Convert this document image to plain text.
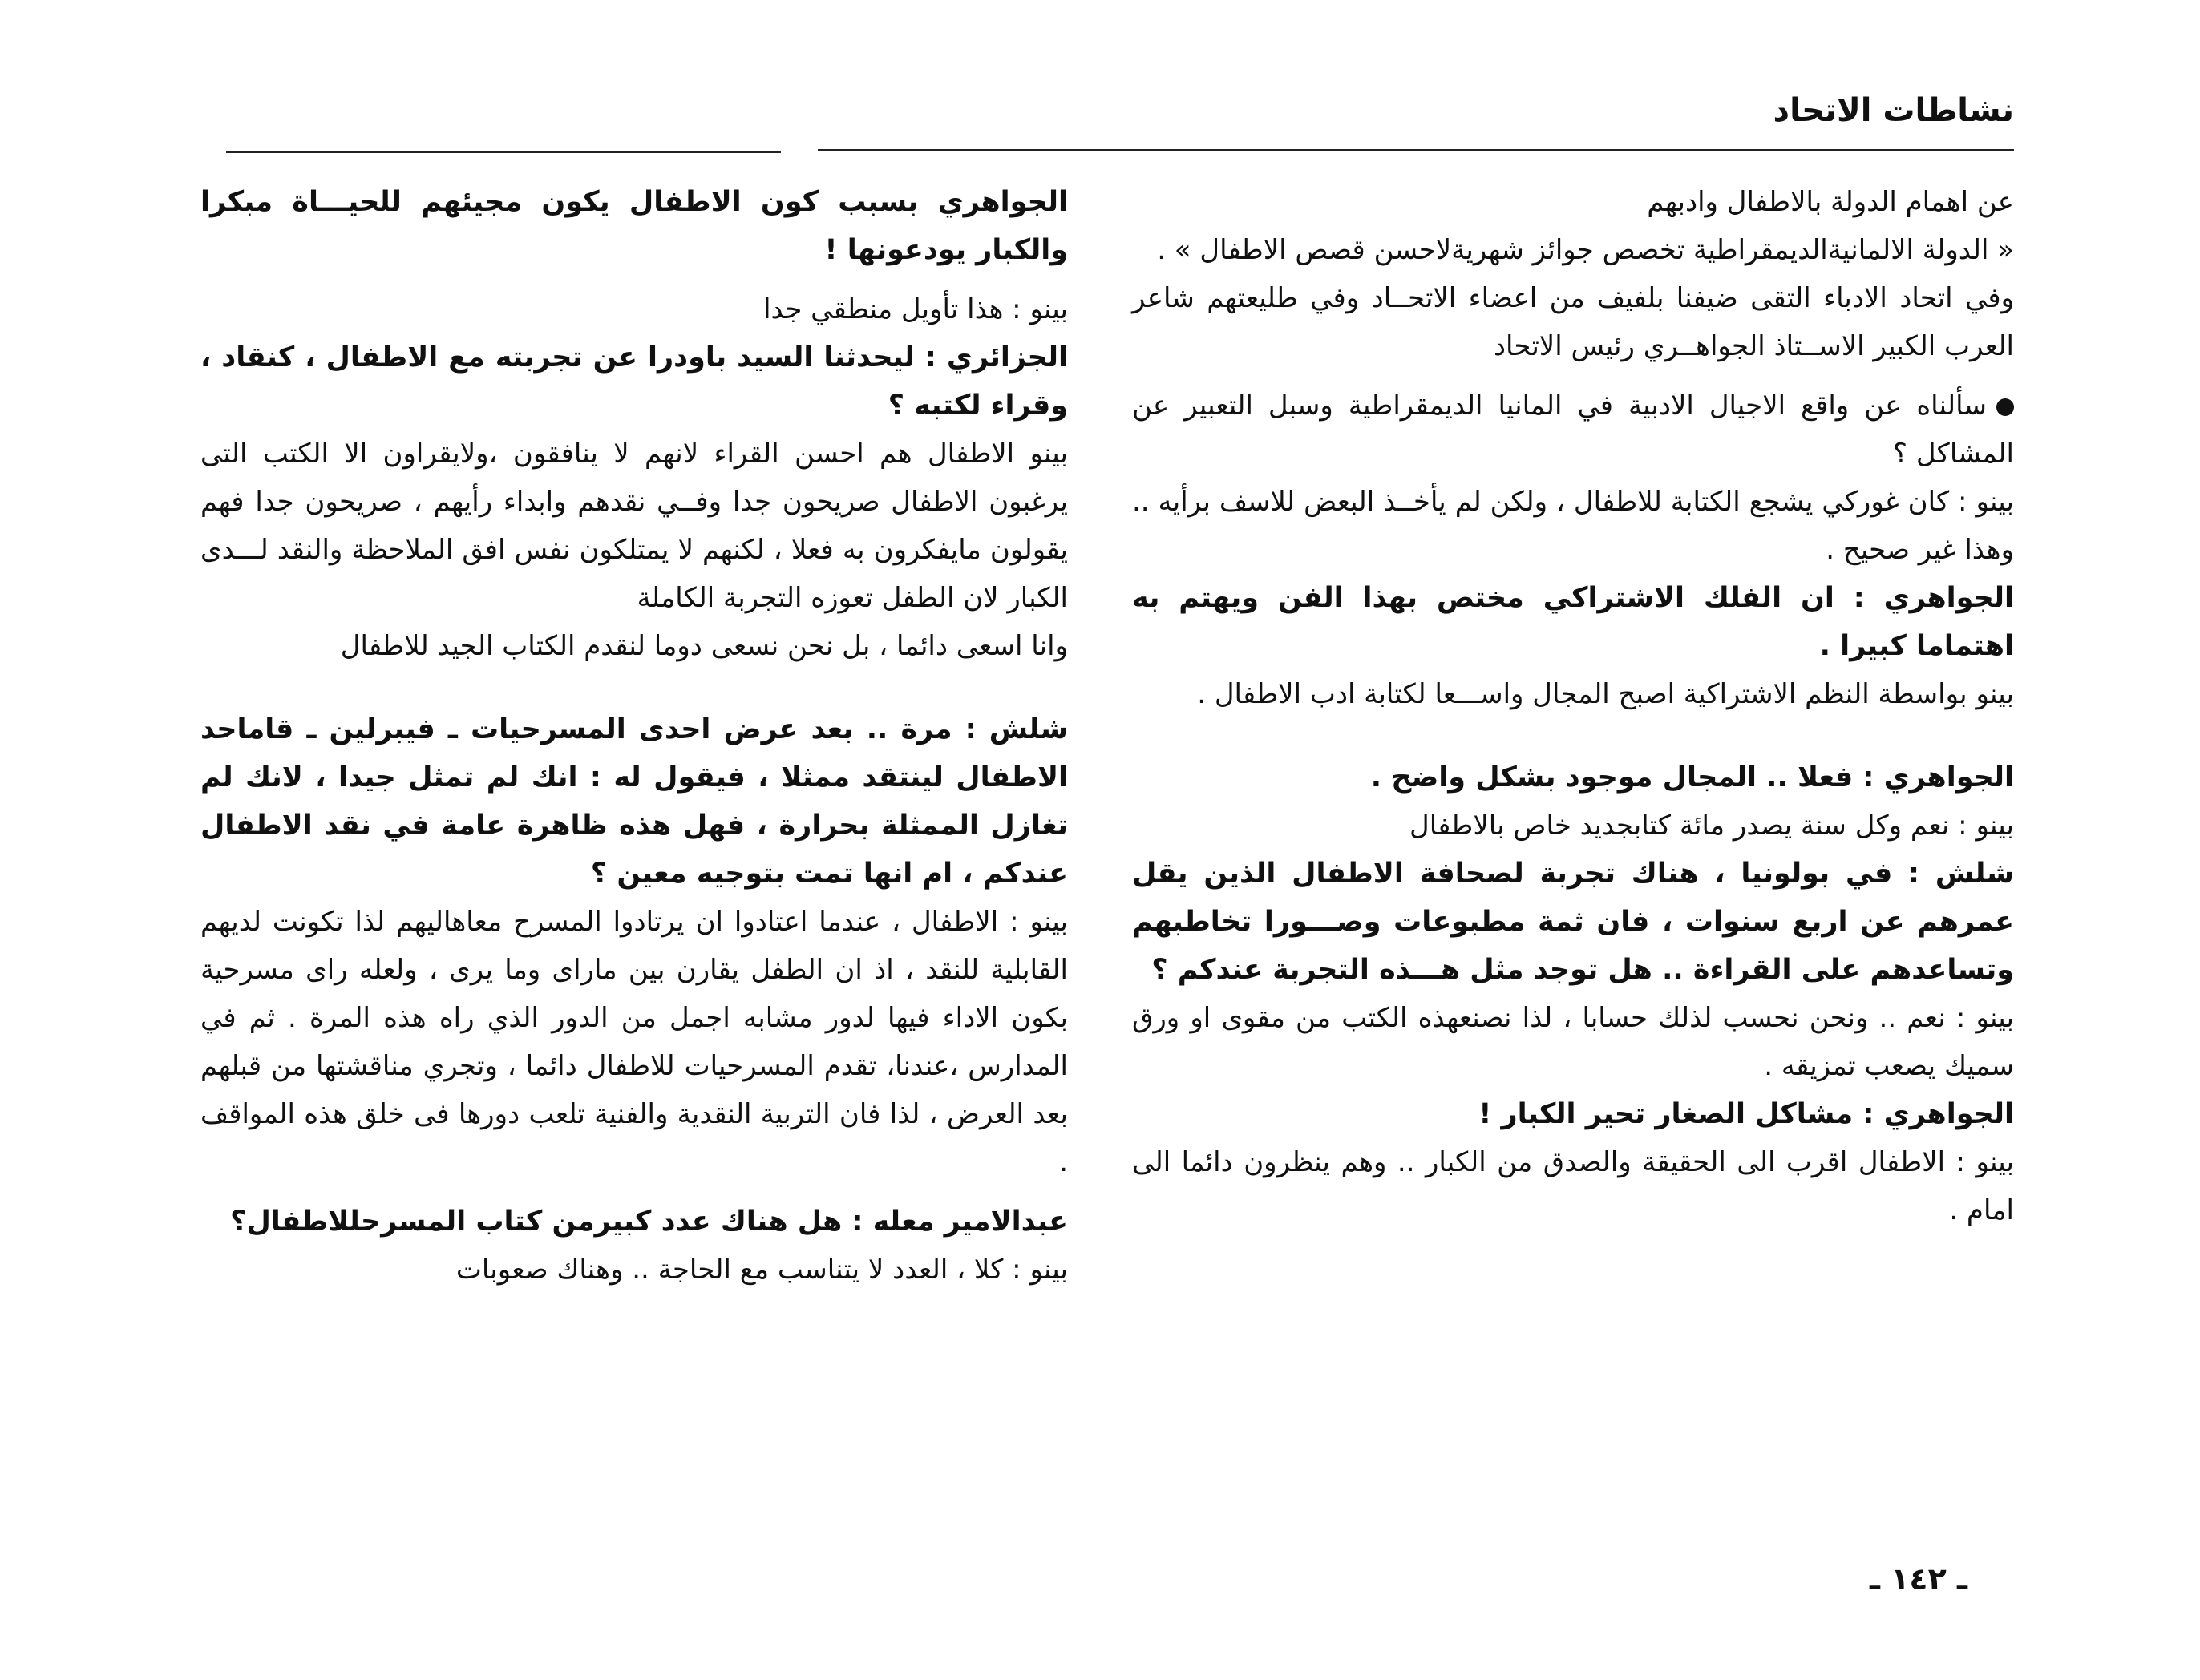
نشاطات الاتحاد

عن اهمام الدولة بالاطفال وادبهم

« الدولة الالمانيةالديمقراطية تخصص جوائز شهريةلاحسن قصص الاطفال » .

وفي اتحاد الادباء التقى ضيفنا بلفيف من اعضاء الاتحــاد وفي طليعتهم شاعر العرب الكبير الاســتاذ الجواهــري رئيس الاتحاد

سألناه عن واقع الاجيال الادبية في المانيا الديمقراطية وسبل التعبير عن المشاكل ؟

بينو : كان غوركي يشجع الكتابة للاطفال ، ولكن لم يأخــذ البعض للاسف برأيه .. وهذا غير صحيح .

الجواهري : ان الفلك الاشتراكي مختص بهذا الفن ويهتم به اهتماما كبيرا .

بينو بواسطة النظم الاشتراكية اصبح المجال واســـعا لكتابة ادب الاطفال .

الجواهري : فعلا .. المجال موجود بشكل واضح .

بينو : نعم وكل سنة يصدر مائة كتابجديد خاص بالاطفال

شلش : في بولونيا ، هناك تجربة لصحافة الاطفال الذين يقل عمرهم عن اربع سنوات ، فان ثمة مطبوعات وصـــورا تخاطبهم وتساعدهم على القراءة .. هل توجد مثل هـــذه التجربة عندكم ؟

بينو : نعم .. ونحن نحسب لذلك حسابا ، لذا نصنعهذه الكتب من مقوى او ورق سميك يصعب تمزيقه .

الجواهري : مشاكل الصغار تحير الكبار !

بينو : الاطفال اقرب الى الحقيقة والصدق من الكبار .. وهم ينظرون دائما الى امام .

الجواهري بسبب كون الاطفال يكون مجيئهم للحيـــاة مبكرا والكبار يودعونها !

بينو : هذا تأويل منطقي جدا

الجزائري : ليحدثنا السيد باودرا عن تجربته مع الاطفال ، كنقاد ، وقراء لكتبه ؟

بينو الاطفال هم احسن القراء لانهم لا ينافقون ،ولايقراون الا الكتب التى يرغبون الاطفال صريحون جدا وفــي نقدهم وابداء رأيهم ، صريحون جدا فهم يقولون مايفكرون به فعلا ، لكنهم لا يمتلكون نفس افق الملاحظة والنقد لـــدى الكبار لان الطفل تعوزه التجربة الكاملة

وانا اسعى دائما ، بل نحن نسعى دوما لنقدم الكتاب الجيد للاطفال

شلش : مرة .. بعد عرض احدى المسرحيات ـ فيبرلين ـ قاماحد الاطفال لينتقد ممثلا ، فيقول له : انك لم تمثل جيدا ، لانك لم تغازل الممثلة بحرارة ، فهل هذه ظاهرة عامة في نقد الاطفال عندكم ، ام انها تمت بتوجيه معين ؟

بينو : الاطفال ، عندما اعتادوا ان يرتادوا المسرح معاهاليهم لذا تكونت لديهم القابلية للنقد ، اذ ان الطفل يقارن بين ماراى وما يرى ، ولعله راى مسرحية بكون الاداء فيها لدور مشابه اجمل من الدور الذي راه هذه المرة . ثم في المدارس ،عندنا، تقدم المسرحيات للاطفال دائما ، وتجري مناقشتها من قبلهم بعد العرض ، لذا فان التربية النقدية والفنية تلعب دورها فى خلق هذه المواقف .

عبدالامير معله : هل هناك عدد كبيرمن كتاب المسرحللاطفال؟

بينو : كلا ، العدد لا يتناسب مع الحاجة .. وهناك صعوبات

ـ ١٤٢ ـ
